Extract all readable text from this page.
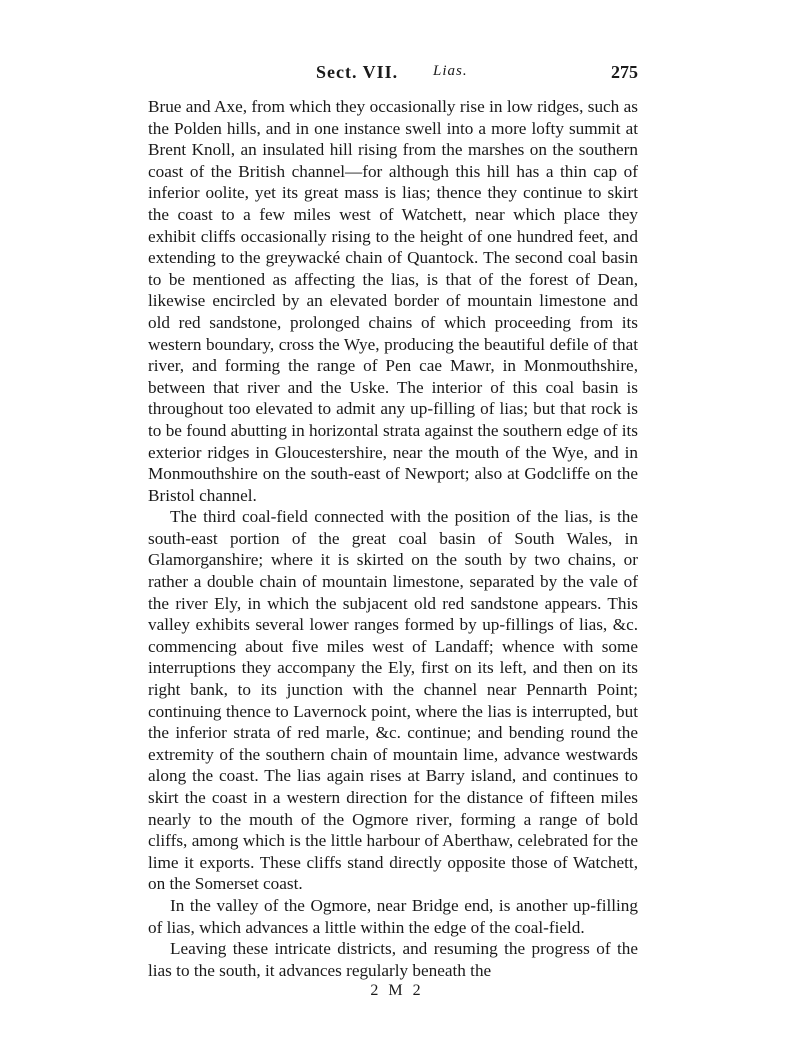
Sect. VII. Lias.	275

Brue and Axe, from which they occasionally rise in low ridges, such as the Polden hills, and in one instance swell into a more lofty summit at Brent Knoll, an insulated hill rising from the marshes on the southern coast of the British channel—for although this hill has a thin cap of inferior oolite, yet its great mass is lias; thence they continue to skirt the coast to a few miles west of Watchett, near which place they exhibit cliffs occasionally rising to the height of one hundred feet, and extending to the greywacké chain of Quantock. The second coal basin to be mentioned as affecting the lias, is that of the forest of Dean, likewise encircled by an elevated border of mountain limestone and old red sandstone, prolonged chains of which proceeding from its western boundary, cross the Wye, producing the beautiful defile of that river, and forming the range of Pen cae Mawr, in Monmouthshire, between that river and the Uske. The interior of this coal basin is throughout too elevated to admit any up-filling of lias; but that rock is to be found abutting in horizontal strata against the southern edge of its exterior ridges in Gloucestershire, near the mouth of the Wye, and in Monmouthshire on the south-east of Newport; also at Godcliffe on the Bristol channel.

The third coal-field connected with the position of the lias, is the south-east portion of the great coal basin of South Wales, in Glamorganshire; where it is skirted on the south by two chains, or rather a double chain of mountain limestone, separated by the vale of the river Ely, in which the subjacent old red sandstone appears. This valley exhibits several lower ranges formed by up-fillings of lias, &c. commencing about five miles west of Landaff; whence with some interruptions they accompany the Ely, first on its left, and then on its right bank, to its junction with the channel near Pennarth Point; continuing thence to Lavernock point, where the lias is interrupted, but the inferior strata of red marle, &c. continue; and bending round the extremity of the southern chain of mountain lime, advance westwards along the coast. The lias again rises at Barry island, and continues to skirt the coast in a western direction for the distance of fifteen miles nearly to the mouth of the Ogmore river, forming a range of bold cliffs, among which is the little harbour of Aberthaw, celebrated for the lime it exports. These cliffs stand directly opposite those of Watchett, on the Somerset coast.

In the valley of the Ogmore, near Bridge end, is another up-filling of lias, which advances a little within the edge of the coal-field.

Leaving these intricate districts, and resuming the progress of the lias to the south, it advances regularly beneath the

2 M 2
